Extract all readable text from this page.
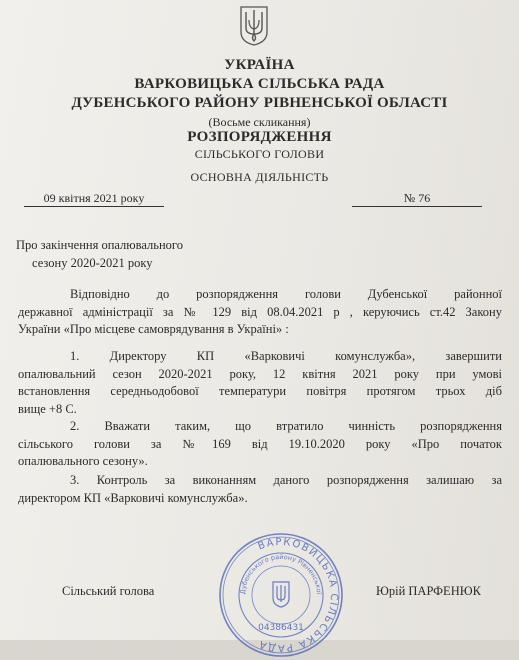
УКРАЇНА
ВАРКОВИЦЬКА СІЛЬСЬКА РАДА
ДУБЕНСЬКОГО РАЙОНУ РІВНЕНСЬКОЇ ОБЛАСТІ
(Восьме скликання)
РОЗПОРЯДЖЕННЯ
СІЛЬСЬКОГО ГОЛОВИ
ОСНОВНА ДІЯЛЬНІСТЬ
09 квітня 2021 року	№ 76
Про закінчення опалювального
сезону 2020-2021 року
Відповідно до розпорядження голови Дубенської районної
державної адміністрації за № 129 від 08.04.2021 р , керуючись ст.42 Закону
України «Про місцеве самоврядування в Україні» :
1. Директору КП «Варковичі комунслужба», завершити
опалювальний сезон 2020-2021 року, 12 квітня 2021 року при умові
встановлення середньодобової температури повітря протягом трьох діб
вище +8 С.
2. Вважати таким, що втратило чинність розпорядження
сільського голови за №169 від 19.10.2020 року «Про початок
опалювального сезону».
3. Контроль за виконанням даного розпорядження залишаю за
директором КП «Варковичі комунслужба».
ВАРКОВИЦЬКА СІЛЬСЬКА РАДА
Дубенського району Рівненської
04386431
Сільський голова	Юрій ПАРФЕНЮК
